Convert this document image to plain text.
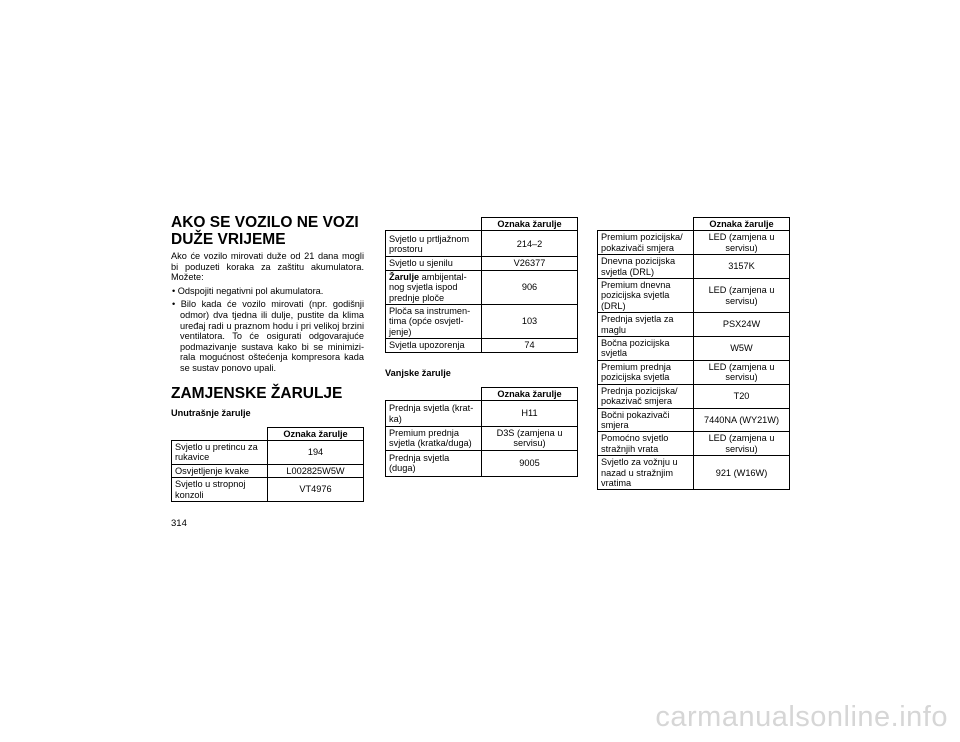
AKO SE VOZILO NE VOZI DUŽE VRIJEME

Ako će vozilo mirovati duže od 21 dana mogli bi poduzeti koraka za zaštitu akumulatora. Možete:

• Odspojiti negativni pol akumulatora.
• Bilo kada će vozilo mirovati (npr. godišnji odmor) dva tjedna ili dulje, pustite da klima uređaj radi u praznom hodu i pri velikoj brzini ventilatora. To će osigurati odgovarajuće podmazivanje sustava kako bi se minimizirala mogućnost oštećenja kompresora kada se sustav ponovo upali.
ZAMJENSKE ŽARULJE
Unutrašnje žarulje
	Oznaka žarulje
Svjetlo u pretincu za rukavice	194
Osvjetljenje kvake	L002825W5W
Svjetlo u stropnoj konzoli	VT4976
	Oznaka žarulje
Svjetlo u prtljažnom prostoru	214–2
Svjetlo u sjenilu	V26377
Žarulje ambijentalnog svjetla ispod prednje ploče	906
Ploča sa instrumentima (opće osvjetljenje)	103
Svjetla upozorenja	74
Vanjske žarulje
	Oznaka žarulje
Prednja svjetla (kratka)	H11
Premium prednja svjetla (kratka/duga)	D3S (zamjena u servisu)
Prednja svjetla (duga)	9005
	Oznaka žarulje
Premium pozicijska/ pokazivači smjera	LED (zamjena u servisu)
Dnevna pozicijska svjetla (DRL)	3157K
Premium dnevna pozicijska svjetla (DRL)	LED (zamjena u servisu)
Prednja svjetla za maglu	PSX24W
Bočna pozicijska svjetla	W5W
Premium prednja pozicijska svjetla	LED (zamjena u servisu)
Prednja pozicijska/ pokazivač smjera	T20
Bočni pokazivači smjera	7440NA (WY21W)
Pomoćno svjetlo stražnjih vrata	LED (zamjena u servisu)
Svjetlo za vožnju u nazad u stražnjim vratima	921 (W16W)
314
carmanualsonline.info
